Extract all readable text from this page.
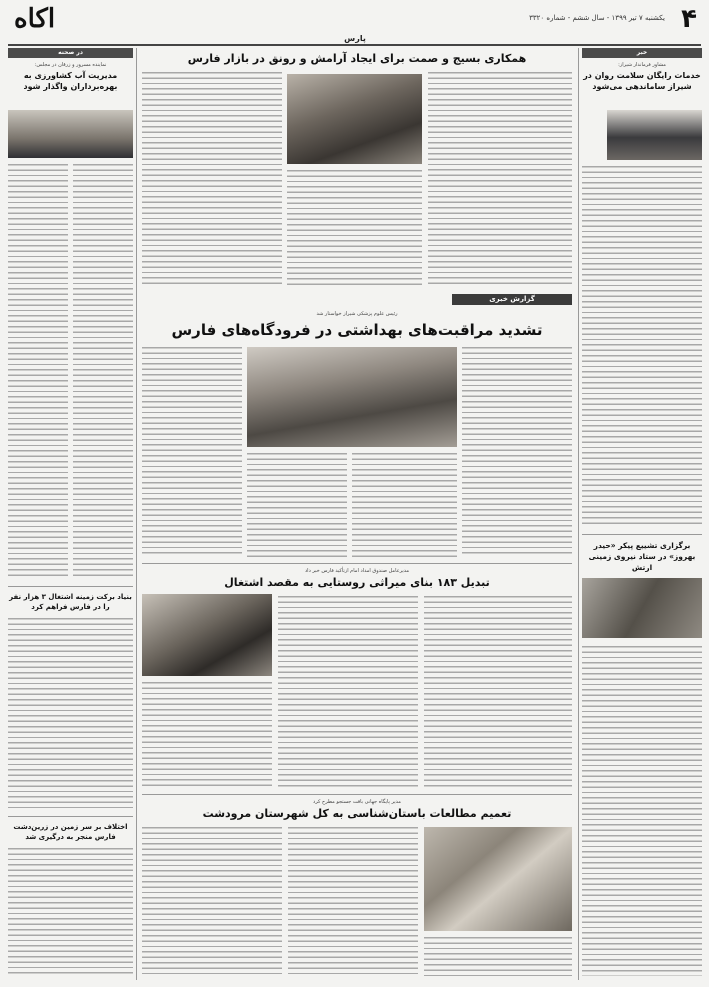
۴
یکشنبه ۷ تیر ۱۳۹۹ - سال ششم - شماره ۳۳۲۰
اكاه
پارس
در صحنه
نماینده مسرور و زرقان در مجلس:
مدیریت آب کشاورزی به بهره‌برداران واگذار شود
بنیاد برکت زمینه اشتغال ۳ هزار نفر را در فارس فراهم کرد
اختلاف بر سر زمین در زرین‌دشت فارس منجر به درگیری شد
خبر
مشاور فرماندار شیراز:
خدمات رایگان سلامت روان در شیراز ساماندهی می‌شود
برگزاری تشییع پیکر «حیدر بهروز» در ستاد نیروی زمینی ارتش
همکاری بسیج و صمت برای ایجاد آرامش و رونق در بازار فارس
گزارش خبری
رئیس علوم پزشکی شیراز خواستار شد
تشدید مراقبت‌های بهداشتی در فرودگاه‌های فارس
مدیرعامل صندوق امداد امام ازتأکید فارس خبر داد
تبدیل ۱۸۳ بنای میراثی روستایی به مقصد اشتغال
مدیر پایگاه جهانی بافت جستجو مطرح کرد
تعمیم مطالعات باستان‌شناسی به کل شهرستان مرودشت
